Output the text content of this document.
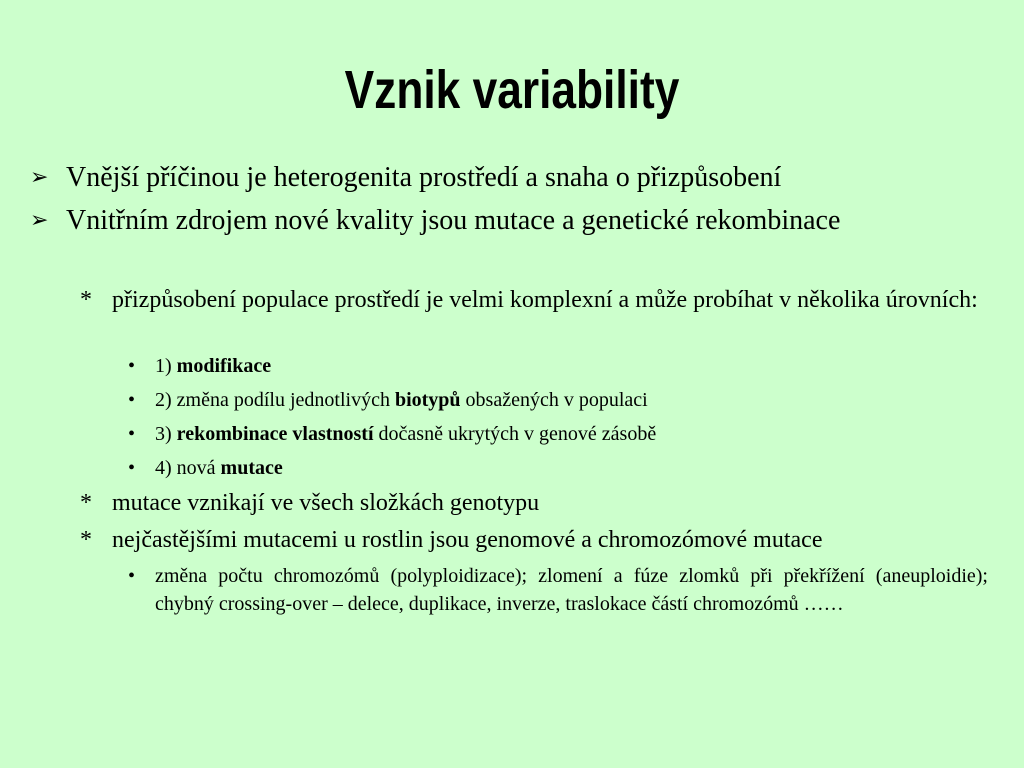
Vznik variability
➢ Vnější příčinou je heterogenita prostředí a snaha o přizpůsobení
➢ Vnitřním zdrojem nové kvality jsou mutace a genetické rekombinace
* přizpůsobení populace prostředí je velmi komplexní a může probíhat v několika úrovních:
• 1) modifikace
• 2) změna podílu jednotlivých biotypů obsažených v populaci
• 3) rekombinace vlastností dočasně ukrytých v genové zásobě
• 4) nová mutace
* mutace vznikají ve všech složkách genotypu
* nejčastějšími mutacemi u rostlin jsou genomové a chromozómové mutace
• změna počtu chromozómů (polyploidizace); zlomení a fúze zlomků při překřížení (aneuploidie); chybný crossing-over – delece, duplikace, inverze, traslokace částí chromozómů ……
